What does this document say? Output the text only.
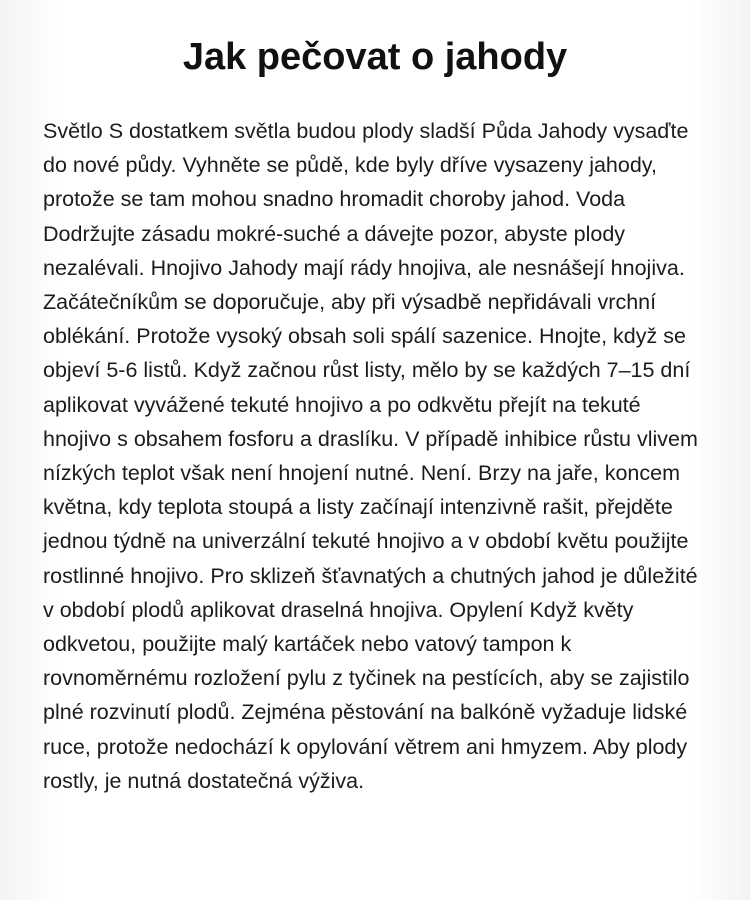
Jak pečovat o jahody

Světlo S dostatkem světla budou plody sladší Půda Jahody vysaďte do nové půdy. Vyhněte se půdě, kde byly dříve vysazeny jahody, protože se tam mohou snadno hromadit choroby jahod. Voda Dodržujte zásadu mokré-suché a dávejte pozor, abyste plody nezalévali. Hnojivo Jahody mají rády hnojiva, ale nesnášejí hnojiva. Začátečníkům se doporučuje, aby při výsadbě nepřidávali vrchní oblékání. Protože vysoký obsah soli spálí sazenice. Hnojte, když se objeví 5-6 listů. Když začnou růst listy, mělo by se každých 7–15 dní aplikovat vyvážené tekuté hnojivo a po odkvětu přejít na tekuté hnojivo s obsahem fosforu a draslíku. V případě inhibice růstu vlivem nízkých teplot však není hnojení nutné. Není. Brzy na jaře, koncem května, kdy teplota stoupá a listy začínají intenzivně rašit, přejděte jednou týdně na univerzální tekuté hnojivo a v období květu použijte rostlinné hnojivo. Pro sklizeň šťavnatých a chutných jahod je důležité v období plodů aplikovat draselná hnojiva. Opylení Když květy odkvetou, použijte malý kartáček nebo vatový tampon k rovnoměrnému rozložení pylu z tyčinek na pestících, aby se zajistilo plné rozvinutí plodů. Zejména pěstování na balkóně vyžaduje lidské ruce, protože nedochází k opylování větrem ani hmyzem. Aby plody rostly, je nutná dostatečná výživa.
